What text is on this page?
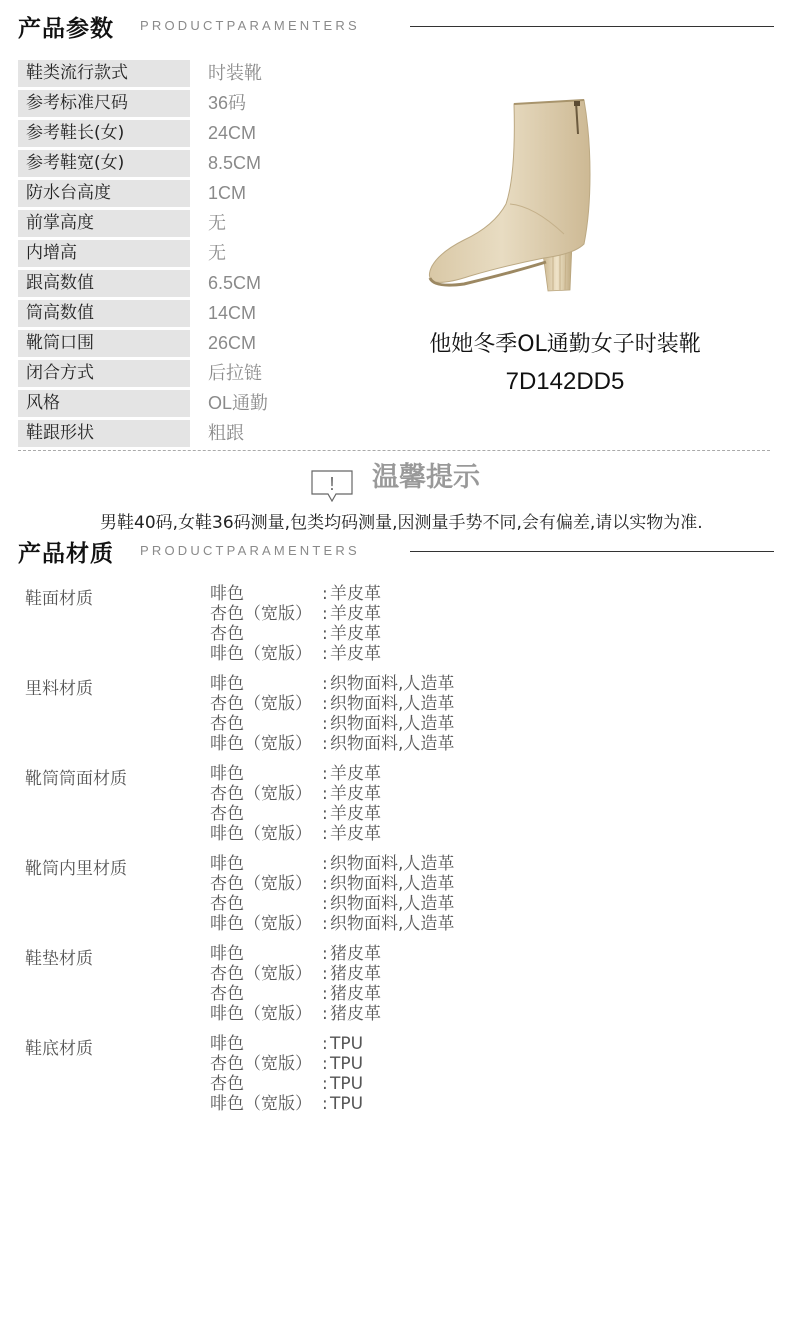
产品参数 PRODUCTPARAMENTERS
鞋类流行款式	时装靴
参考标准尺码	36码
参考鞋长(女)	24CM
参考鞋宽(女)	8.5CM
防水台高度	1CM
前掌高度	无
内增高	无
跟高数值	6.5CM
筒高数值	14CM
靴筒口围	26CM
闭合方式	后拉链
风格	OL通勤
鞋跟形状	粗跟
他她冬季OL通勤女子时装靴
7D142DD5
! 温馨提示
男鞋40码,女鞋36码测量,包类均码测量,因测量手势不同,会有偏差,请以实物为准.
产品材质 PRODUCTPARAMENTERS
鞋面材质	啡色	: 羊皮革
杏色（宽版） : 羊皮革
杏色	: 羊皮革
啡色（宽版） : 羊皮革
里料材质	啡色	: 织物面料,人造革
杏色（宽版） : 织物面料,人造革
杏色	: 织物面料,人造革
啡色（宽版） : 织物面料,人造革
靴筒筒面材质	啡色	: 羊皮革
杏色（宽版） : 羊皮革
杏色	: 羊皮革
啡色（宽版） : 羊皮革
靴筒内里材质	啡色	: 织物面料,人造革
杏色（宽版） : 织物面料,人造革
杏色	: 织物面料,人造革
啡色（宽版） : 织物面料,人造革
鞋垫材质	啡色	: 猪皮革
杏色（宽版） : 猪皮革
杏色	: 猪皮革
啡色（宽版） : 猪皮革
鞋底材质	啡色	: TPU
杏色（宽版） : TPU
杏色	: TPU
啡色（宽版） : TPU
